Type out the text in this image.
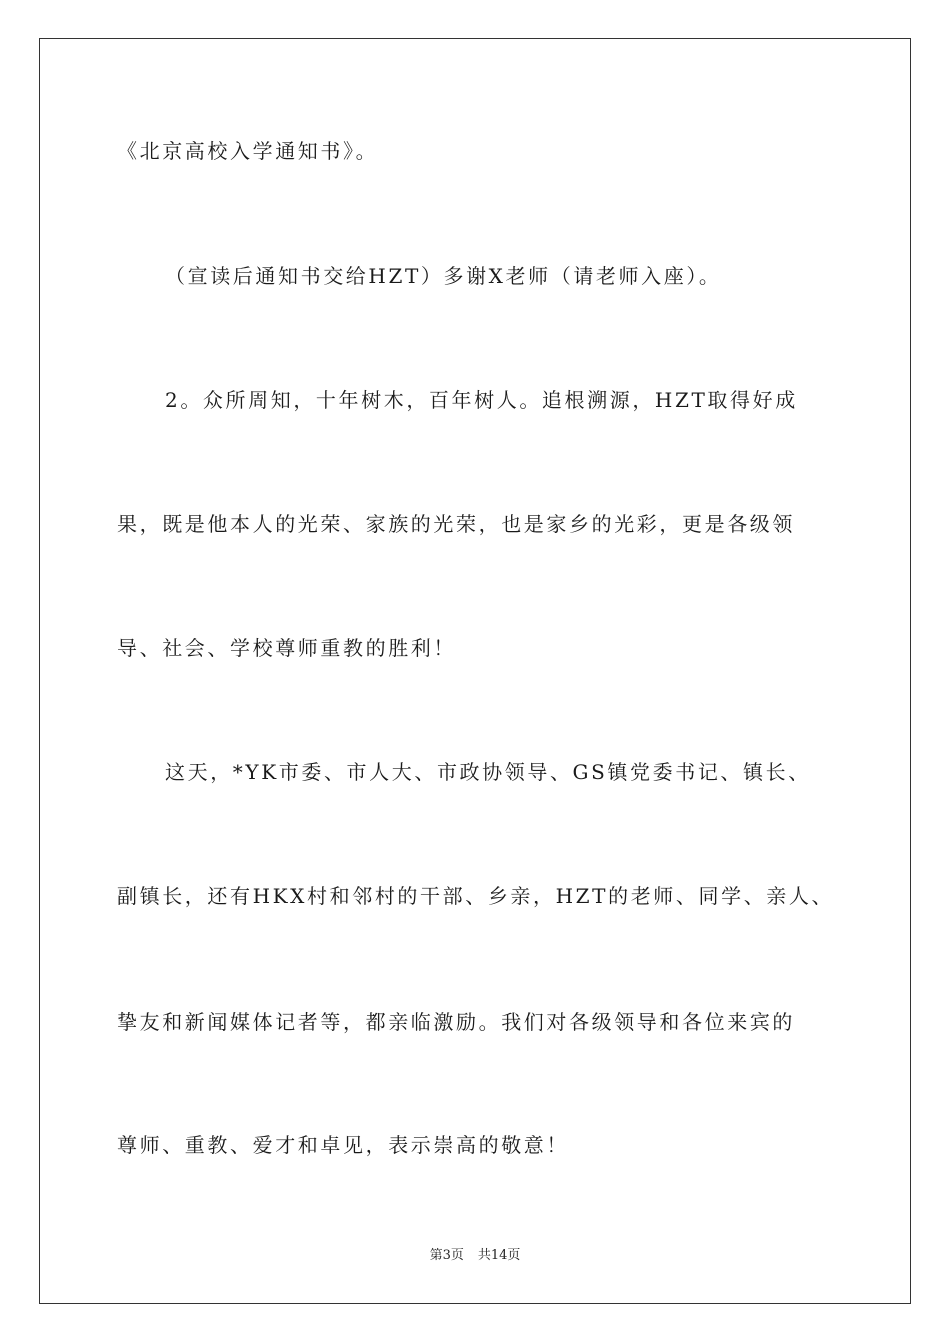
《北京高校入学通知书》。
（宣读后通知书交给HZT）多谢X老师（请老师入座）。
2。众所周知，十年树木，百年树人。追根溯源，HZT取得好成
果，既是他本人的光荣、家族的光荣，也是家乡的光彩，更是各级领
导、社会、学校尊师重教的胜利！
这天，*YK市委、市人大、市政协领导、GS镇党委书记、镇长、
副镇长，还有HKX村和邻村的干部、乡亲，HZT的老师、同学、亲人、
挚友和新闻媒体记者等，都亲临激励。我们对各级领导和各位来宾的
尊师、重教、爱才和卓见，表示崇高的敬意！
第3页 共14页
